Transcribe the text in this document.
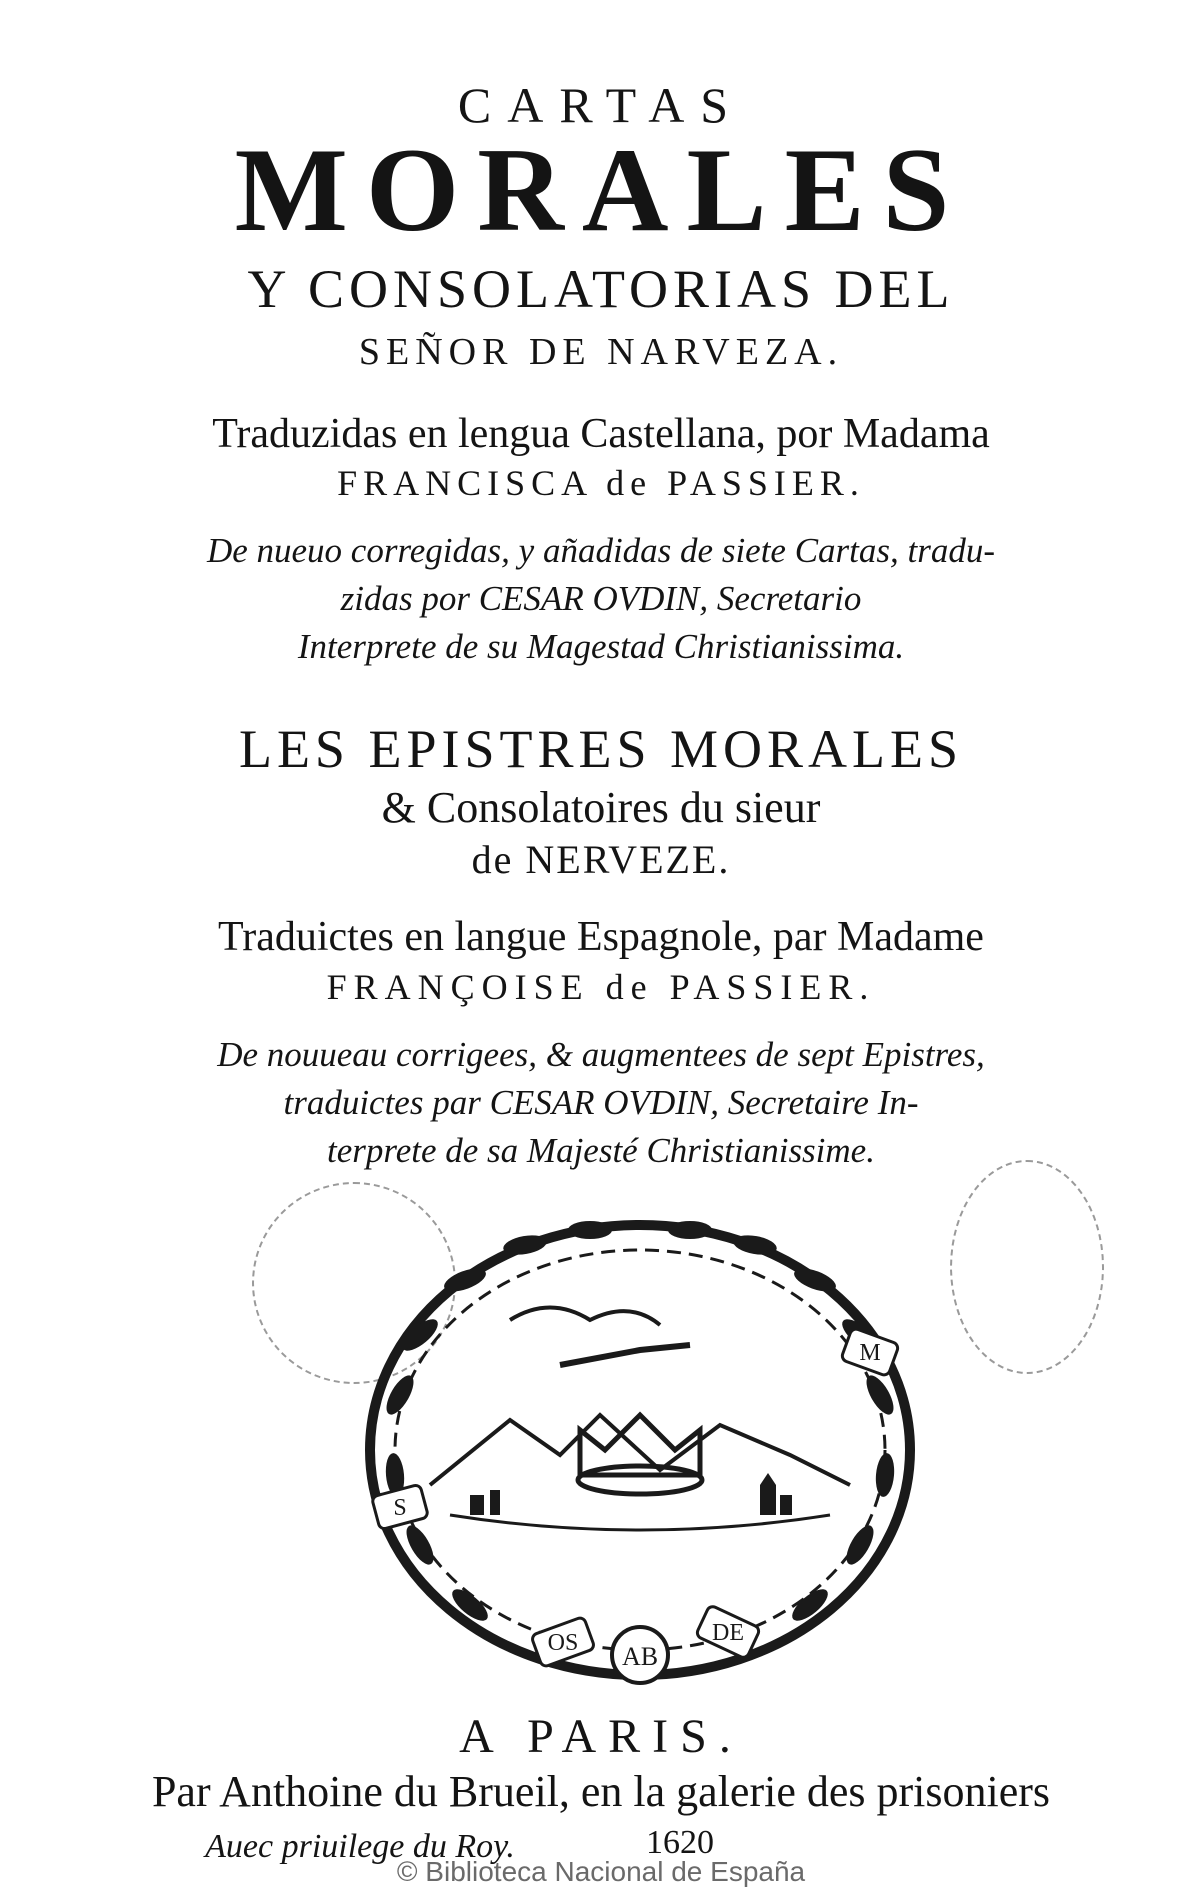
CARTAS
MORALES
Y CONSOLATORIAS DEL
SEÑOR DE NARVEZA.
Traduzidas en lengua Castellana, por Madama
FRANCISCA de PASSIER.
De nueuo corregidas, y añadidas de siete Cartas, tradu-
zidas por CESAR OVDIN, Secretario
Interprete de su Magestad Christianissima.
LES EPISTRES MORALES
& Consolatoires du sieur
de NERVEZE.
Traduictes en langue Espagnole, par Madame
FRANÇOISE de PASSIER.
De nouueau corrigees, & augmentees de sept Epistres,
traduictes par CESAR OVDIN, Secretaire In-
terprete de sa Majesté Christianissime.
S
M
OS	DE
AB
A PARIS.
Par Anthoine du Brueil, en la galerie des prisoniers
Auec priuilege du Roy.	1620
© Biblioteca Nacional de España
